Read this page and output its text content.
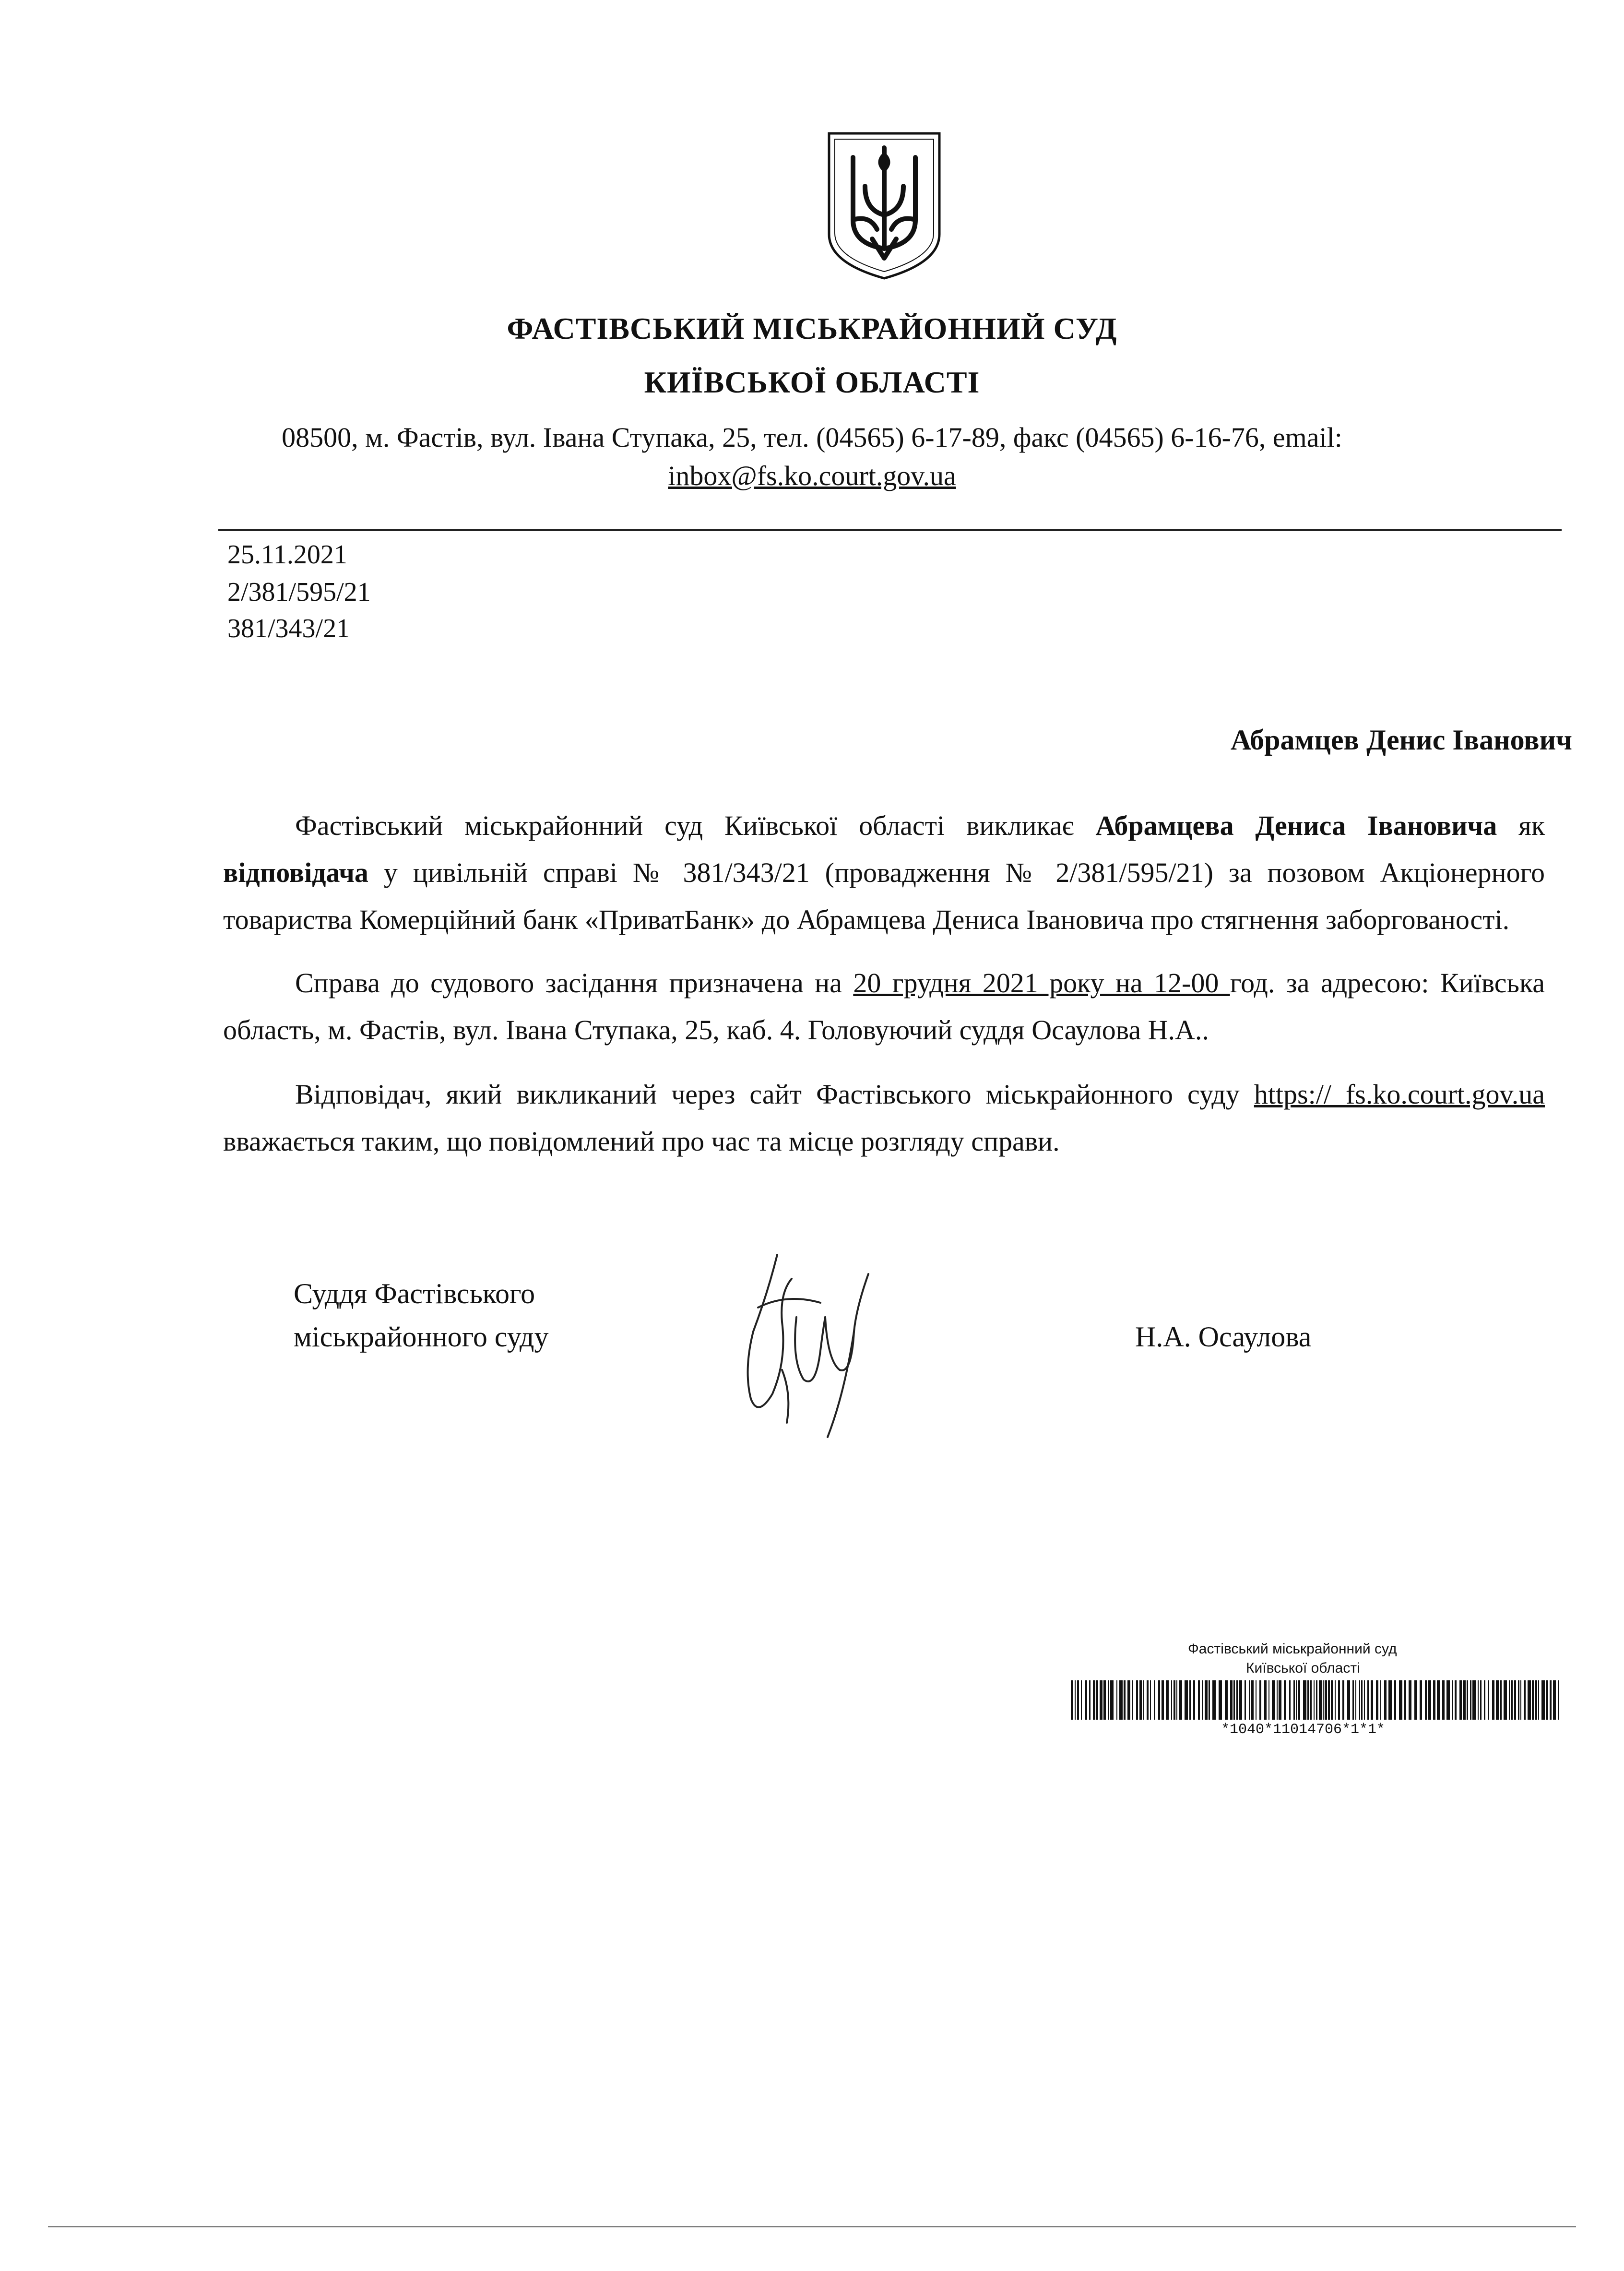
ФАСТІВСЬКИЙ МІСЬКРАЙОННИЙ СУД
КИЇВСЬКОЇ ОБЛАСТІ
08500, м. Фастів, вул. Івана Ступака, 25, тел. (04565) 6-17-89, факс (04565) 6-16-76, email:
inbox@fs.ko.court.gov.ua
25.11.2021
2/381/595/21
381/343/21
Абрамцев Денис Іванович
Фастівський міськрайонний суд Київської області викликає Абрамцева Дениса Івановича як відповідача у цивільній справі № 381/343/21 (провадження № 2/381/595/21) за позовом Акціонерного товариства Комерційний банк «ПриватБанк» до Абрамцева Дениса Івановича про стягнення заборгованості.
Справа до судового засідання призначена на 20 грудня 2021 року на 12-00 год. за адресою: Київська область, м. Фастів, вул. Івана Ступака, 25, каб. 4. Головуючий суддя Осаулова Н.А..
Відповідач, який викликаний через сайт Фастівського міськрайонного суду https:// fs.ko.court.gov.ua вважається таким, що повідомлений про час та місце розгляду справи.
Суддя Фастівського
міськрайонного суду	Н.А. Осаулова
Фастівський міськрайонний суд
Київської області
*1040*11014706*1*1*
